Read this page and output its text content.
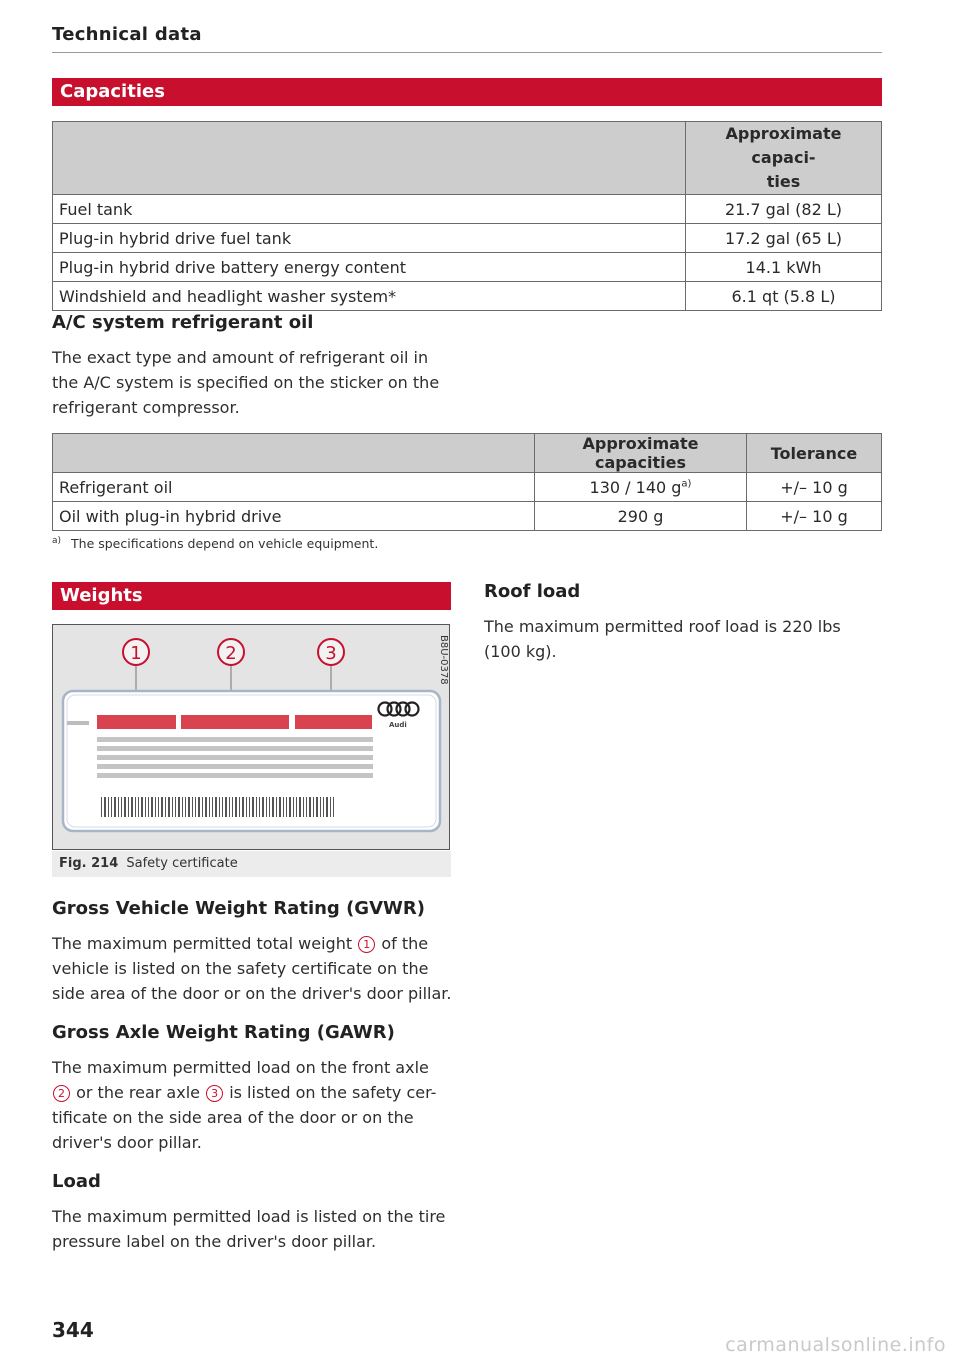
Technical data
Capacities
	Approximate capaci-
ties
Fuel tank	21.7 gal (82 L)
Plug-in hybrid drive fuel tank	17.2 gal (65 L)
Plug-in hybrid drive battery energy content	14.1 kWh
Windshield and headlight washer system*	6.1 qt (5.8 L)
A/C system refrigerant oil

The exact type and amount of refrigerant oil in the A/C system is specified on the sticker on the refrigerant compressor.

	Approximate capacities	Tolerance
Refrigerant oil	130 / 140 $g^{a)}$	+/– 10 g
Oil with plug-in hybrid drive	290 g	+/– 10 g
$^{a)}$ The specifications depend on vehicle equipment.
Weights
1	2	3	B8U-0378
Audi
Fig. 214 Safety certificate
Gross Vehicle Weight Rating (GVWR)

The maximum permitted total weight 1 of the vehicle is listed on the safety certificate on the side area of the door or on the driver's door pillar.

Gross Axle Weight Rating (GAWR)

The maximum permitted load on the front axle 2 or the rear axle 3 is listed on the safety cer-tificate on the side area of the door or on the driver's door pillar.

Load

The maximum permitted load is listed on the tire pressure label on the driver's door pillar.

Roof load

The maximum permitted roof load is 220 lbs (100 kg).

344
carmanualsonline.info
